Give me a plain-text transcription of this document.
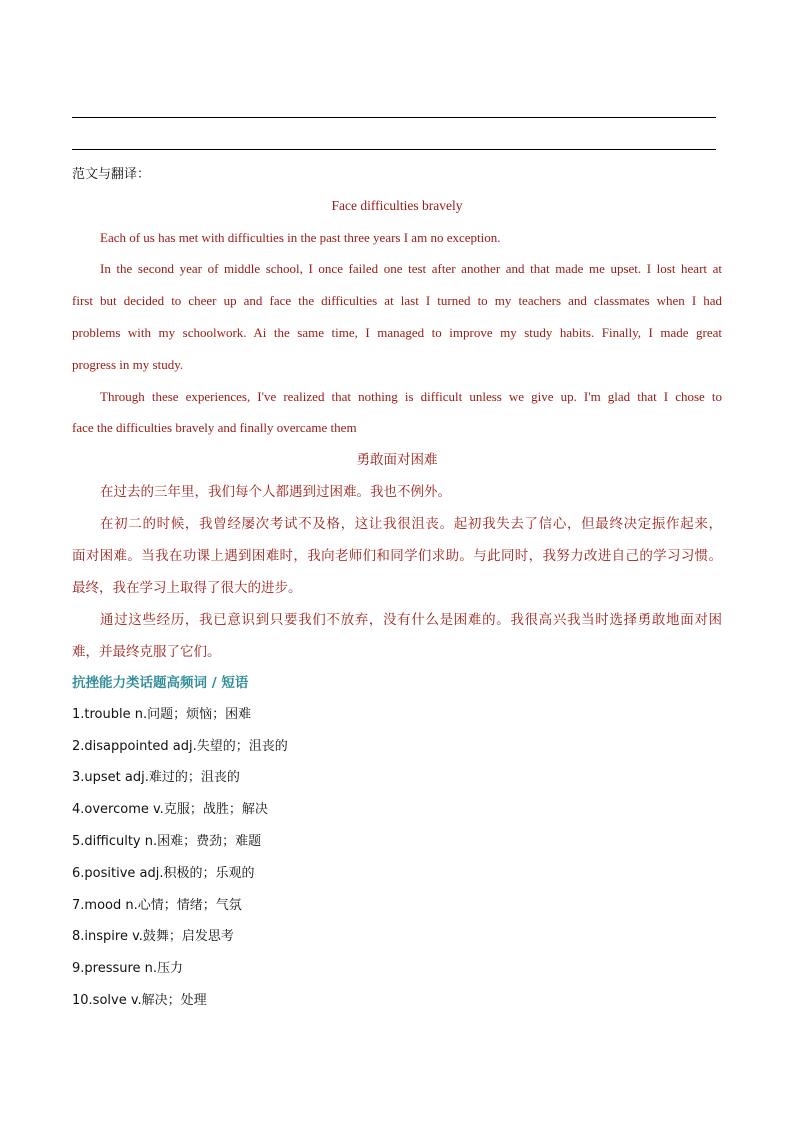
范文与翻译：
Face difficulties bravely
Each of us has met with difficulties in the past three years I am no exception.
In the second year of middle school, I once failed one test after another and that made me upset. I lost heart at
first but decided to cheer up and face the difficulties at last I turned to my teachers and classmates when I had
problems with my schoolwork. Ai the same time, I managed to improve my study habits. Finally, I made great
progress in my study.
Through these experiences, I've realized that nothing is difficult unless we give up. I'm glad that I chose to
face the difficulties bravely and finally overcame them
勇敢面对困难
在过去的三年里，我们每个人都遇到过困难。我也不例外。
在初二的时候，我曾经屡次考试不及格，这让我很沮丧。起初我失去了信心，但最终决定振作起来，
面对困难。当我在功课上遇到困难时，我向老师们和同学们求助。与此同时，我努力改进自己的学习习惯。
最终，我在学习上取得了很大的进步。
通过这些经历，我已意识到只要我们不放弃，没有什么是困难的。我很高兴我当时选择勇敢地面对困
难，并最终克服了它们。
抗挫能力类话题高频词 / 短语
1.trouble n.问题；烦恼；困难
2.disappointed adj.失望的；沮丧的
3.upset adj.难过的；沮丧的
4.overcome v.克服；战胜；解决
5.difficulty n.困难；费劲；难题
6.positive adj.积极的；乐观的
7.mood n.心情；情绪；气氛
8.inspire v.鼓舞；启发思考
9.pressure n.压力
10.solve v.解决；处理
